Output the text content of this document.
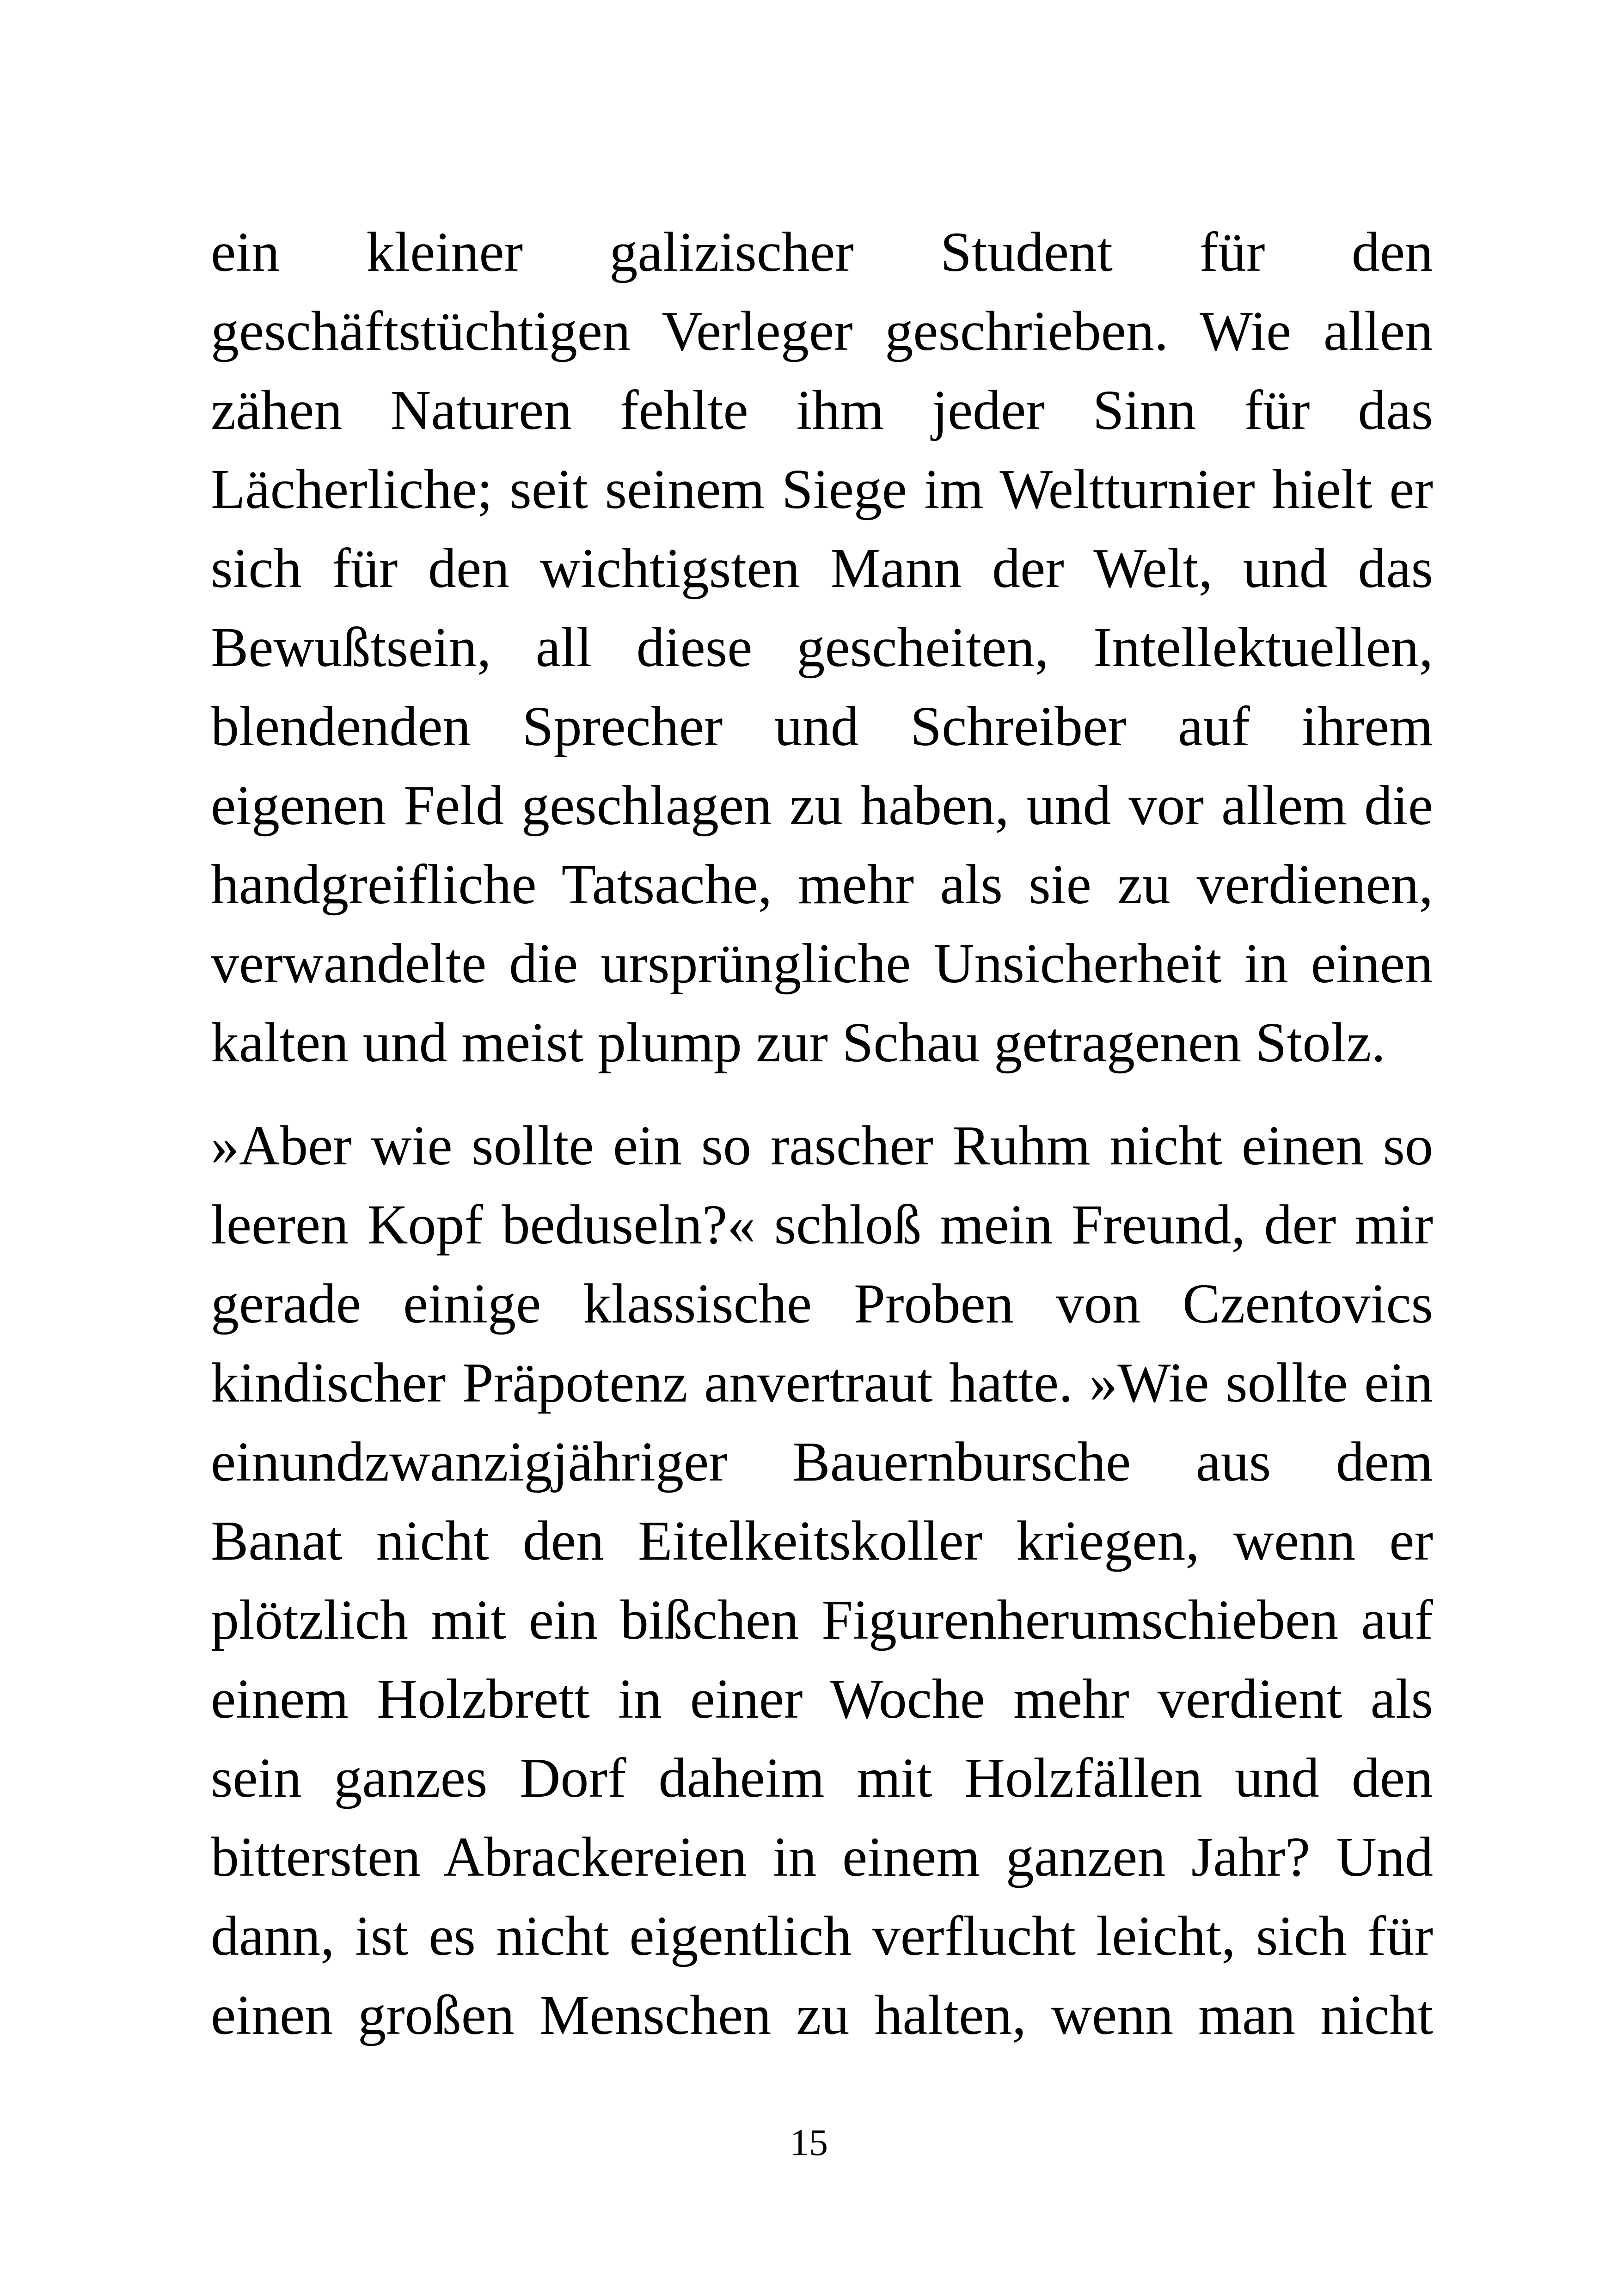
ein kleiner galizischer Student für den
geschäftstüchtigen Verleger geschrieben. Wie allen
zähen Naturen fehlte ihm jeder Sinn für das
Lächerliche; seit seinem Siege im Weltturnier hielt er
sich für den wichtigsten Mann der Welt, und das
Bewußtsein, all diese gescheiten, Intellektuellen,
blendenden Sprecher und Schreiber auf ihrem
eigenen Feld geschlagen zu haben, und vor allem die
handgreifliche Tatsache, mehr als sie zu verdienen,
verwandelte die ursprüngliche Unsicherheit in einen
kalten und meist plump zur Schau getragenen Stolz.
»Aber wie sollte ein so rascher Ruhm nicht einen so
leeren Kopf beduseln?« schloß mein Freund, der mir
gerade einige klassische Proben von Czentovics
kindischer Präpotenz anvertraut hatte. »Wie sollte ein
einundzwanzigjähriger Bauernbursche aus dem
Banat nicht den Eitelkeitskoller kriegen, wenn er
plötzlich mit ein bißchen Figurenherumschieben auf
einem Holzbrett in einer Woche mehr verdient als
sein ganzes Dorf daheim mit Holzfällen und den
bittersten Abrackereien in einem ganzen Jahr? Und
dann, ist es nicht eigentlich verflucht leicht, sich für
einen großen Menschen zu halten, wenn man nicht
15
